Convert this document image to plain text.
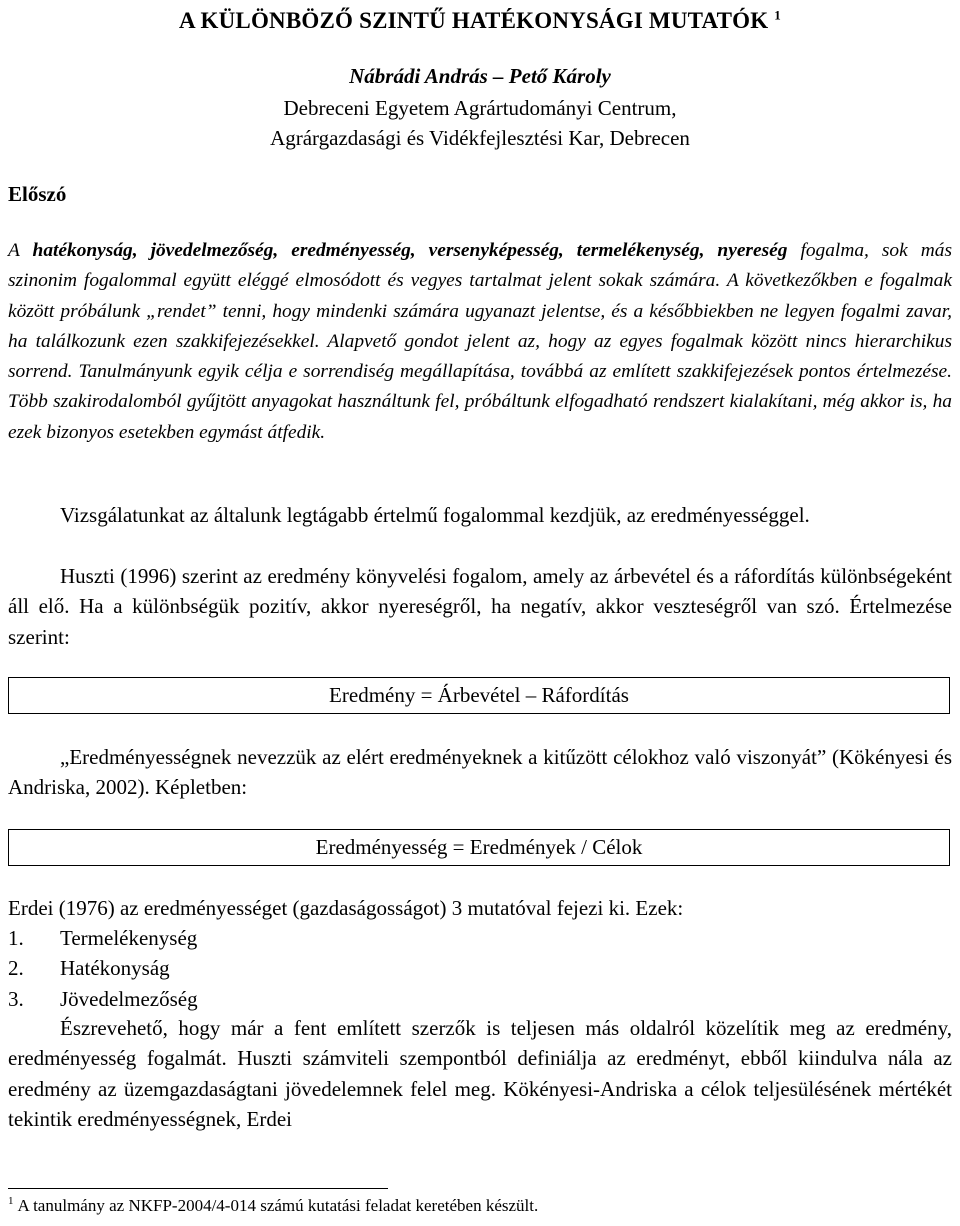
A KÜLÖNBÖZŐ SZINTŰ HATÉKONYSÁGI MUTATÓK $^1$
Nábrádi András – Pető Károly
Debreceni Egyetem Agrártudományi Centrum,
Agrárgazdasági és Vidékfejlesztési Kar, Debrecen
Előszó

A hatékonyság, jövedelmezőség, eredményesség, versenyképesség, termelékenység, nyereség fogalma, sok más szinonim fogalommal együtt eléggé elmosódott és vegyes tartalmat jelent sokak számára. A következőkben e fogalmak között próbálunk „rendet” tenni, hogy mindenki számára ugyanazt jelentse, és a későbbiekben ne legyen fogalmi zavar, ha találkozunk ezen szakkifejezésekkel. Alapvető gondot jelent az, hogy az egyes fogalmak között nincs hierarchikus sorrend. Tanulmányunk egyik célja e sorrendiség megállapítása, továbbá az említett szakkifejezések pontos értelmezése. Több szakirodalomból gyűjtött anyagokat használtunk fel, próbáltunk elfogadható rendszert kialakítani, még akkor is, ha ezek bizonyos esetekben egymást átfedik.

Vizsgálatunkat az általunk legtágabb értelmű fogalommal kezdjük, az eredményességgel.

Huszti (1996) szerint az eredmény könyvelési fogalom, amely az árbevétel és a ráfordítás különbségeként áll elő. Ha a különbségük pozitív, akkor nyereségről, ha negatív, akkor veszteségről van szó. Értelmezése szerint:

Eredmény = Árbevétel – Ráfordítás

„Eredményességnek nevezzük az elért eredményeknek a kitűzött célokhoz való viszonyát” (Kökényesi és Andriska, 2002). Képletben:

Eredményesség = Eredmények / Célok

Erdei (1976) az eredményességet (gazdaságosságot) 3 mutatóval fejezi ki. Ezek:

1. Termelékenység
2. Hatékonyság
3. Jövedelmezőség

Észrevehető, hogy már a fent említett szerzők is teljesen más oldalról közelítik meg az eredmény, eredményesség fogalmát. Huszti számviteli szempontból definiálja az eredményt, ebből kiindulva nála az eredmény az üzemgazdaságtani jövedelemnek felel meg. Kökényesi-Andriska a célok teljesülésének mértékét tekintik eredményességnek, Erdei

$^1$ A tanulmány az NKFP-2004/4-014 számú kutatási feladat keretében készült.
